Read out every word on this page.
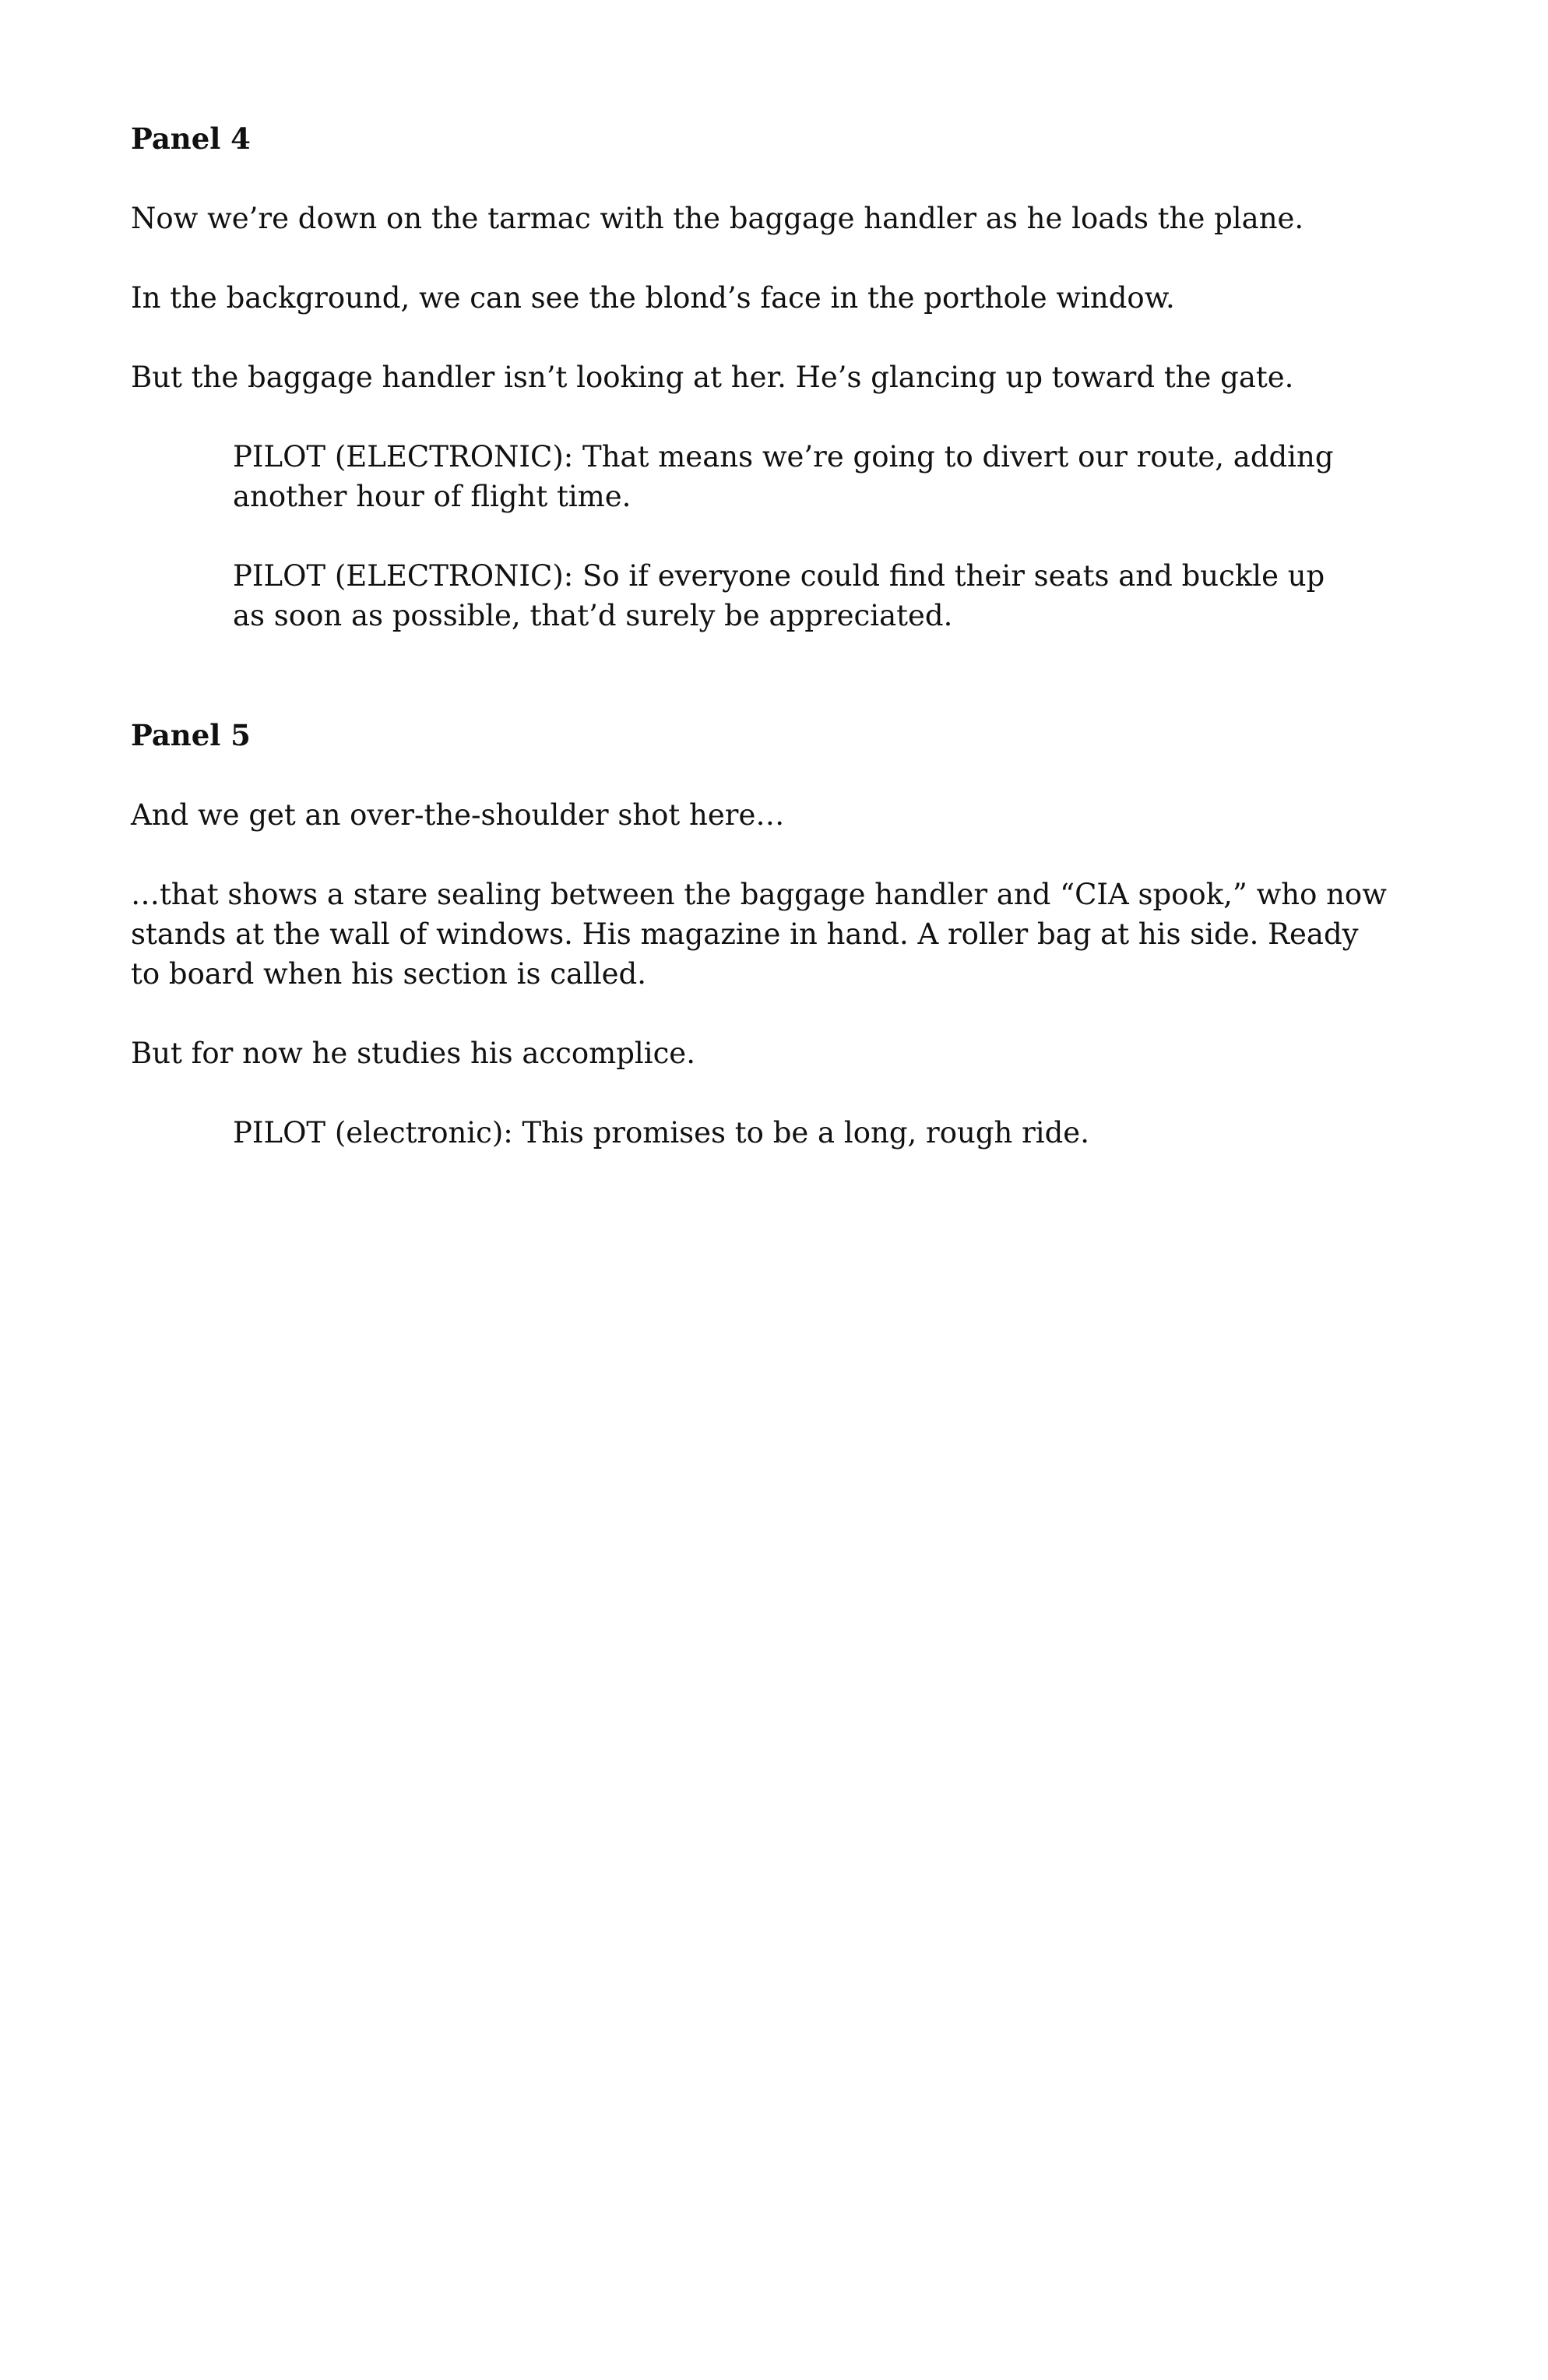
Panel 4

Now we’re down on the tarmac with the baggage handler as he loads the plane.

In the background, we can see the blond’s face in the porthole window.

But the baggage handler isn’t looking at her. He’s glancing up toward the gate.

PILOT (ELECTRONIC): That means we’re going to divert our route, adding another hour of flight time.

PILOT (ELECTRONIC): So if everyone could find their seats and buckle up as soon as possible, that’d surely be appreciated.

Panel 5

And we get an over-the-shoulder shot here…

…that shows a stare sealing between the baggage handler and “CIA spook,” who now stands at the wall of windows. His magazine in hand. A roller bag at his side. Ready to board when his section is called.

But for now he studies his accomplice.

PILOT (electronic): This promises to be a long, rough ride.
